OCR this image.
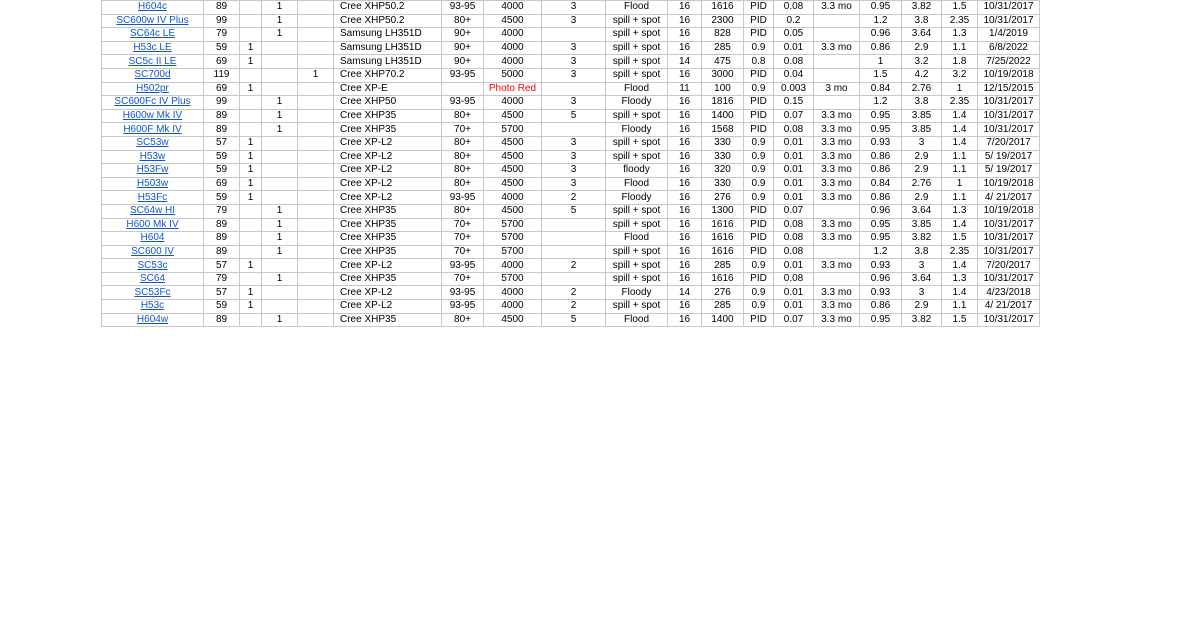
H604c	89		1		Cree XHP50.2	93-95	4000	3	Flood	16	1616	PID	0.08	3.3 mo	0.95	3.82	1.5	10/31/2017
SC600w IV Plus	99		1		Cree XHP50.2	80+	4500	3	spill + spot	16	2300	PID	0.2		1.2	3.8	2.35	10/31/2017
SC64c LE	79		1		Samsung LH351D	90+	4000		spill + spot	16	828	PID	0.05		0.96	3.64	1.3	1/4/2019
H53c LE	59	1			Samsung LH351D	90+	4000	3	spill + spot	16	285	0.9	0.01	3.3 mo	0.86	2.9	1.1	6/8/2022
SC5c II LE	69	1			Samsung LH351D	90+	4000	3	spill + spot	14	475	0.8	0.08		1	3.2	1.8	7/25/2022
SC700d	119			1	Cree XHP70.2	93-95	5000	3	spill + spot	16	3000	PID	0.04		1.5	4.2	3.2	10/19/2018
H502pr	69	1			Cree XP-E		Photo Red		Flood	11	100	0.9	0.003	3 mo	0.84	2.76	1	12/15/2015
SC600Fc IV Plus	99		1		Cree XHP50	93-95	4000	3	Floody	16	1816	PID	0.15		1.2	3.8	2.35	10/31/2017
H600w Mk IV	89		1		Cree XHP35	80+	4500	5	spill + spot	16	1400	PID	0.07	3.3 mo	0.95	3.85	1.4	10/31/2017
H600F Mk IV	89		1		Cree XHP35	70+	5700		Floody	16	1568	PID	0.08	3.3 mo	0.95	3.85	1.4	10/31/2017
SC53w	57	1			Cree XP-L2	80+	4500	3	spill + spot	16	330	0.9	0.01	3.3 mo	0.93	3	1.4	7/20/2017
H53w	59	1			Cree XP-L2	80+	4500	3	spill + spot	16	330	0.9	0.01	3.3 mo	0.86	2.9	1.1	5/ 19/2017
H53Fw	59	1			Cree XP-L2	80+	4500	3	floody	16	320	0.9	0.01	3.3 mo	0.86	2.9	1.1	5/ 19/2017
H503w	69	1			Cree XP-L2	80+	4500	3	Flood	16	330	0.9	0.01	3.3 mo	0.84	2.76	1	10/19/2018
H53Fc	59	1			Cree XP-L2	93-95	4000	2	Floody	16	276	0.9	0.01	3.3 mo	0.86	2.9	1.1	4/ 21/2017
SC64w HI	79		1		Cree XHP35	80+	4500	5	spill + spot	16	1300	PID	0.07		0.96	3.64	1.3	10/19/2018
H600 Mk IV	89		1		Cree XHP35	70+	5700		spill + spot	16	1616	PID	0.08	3.3 mo	0.95	3.85	1.4	10/31/2017
H604	89		1		Cree XHP35	70+	5700		Flood	16	1616	PID	0.08	3.3 mo	0.95	3.82	1.5	10/31/2017
SC600 IV	89		1		Cree XHP35	70+	5700		spill + spot	16	1616	PID	0.08		1.2	3.8	2.35	10/31/2017
SC53c	57	1			Cree XP-L2	93-95	4000	2	spill + spot	16	285	0.9	0.01	3.3 mo	0.93	3	1.4	7/20/2017
SC64	79		1		Cree XHP35	70+	5700		spill + spot	16	1616	PID	0.08		0.96	3.64	1.3	10/31/2017
SC53Fc	57	1			Cree XP-L2	93-95	4000	2	Floody	14	276	0.9	0.01	3.3 mo	0.93	3	1.4	4/23/2018
H53c	59	1			Cree XP-L2	93-95	4000	2	spill + spot	16	285	0.9	0.01	3.3 mo	0.86	2.9	1.1	4/ 21/2017
H604w	89		1		Cree XHP35	80+	4500	5	Flood	16	1400	PID	0.07	3.3 mo	0.95	3.82	1.5	10/31/2017
